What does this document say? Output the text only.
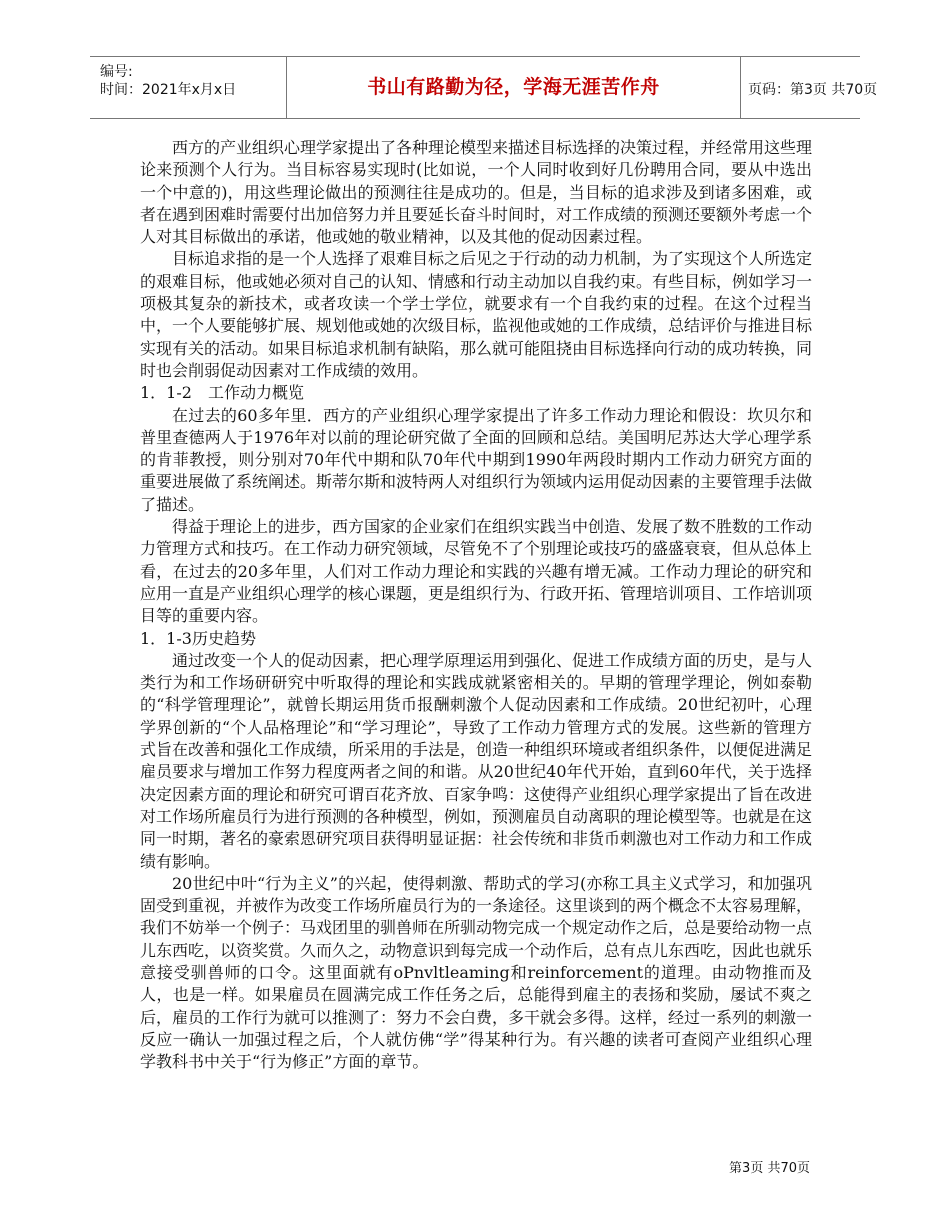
编号:
时间：2021年x月x日	书山有路勤为径，学海无涯苦作舟	页码：第3页 共70页

西方的产业组织心理学家提出了各种理论模型来描述目标选择的决策过程，并经常用这些理论来预测个人行为。当目标容易实现时(比如说，一个人同时收到好几份聘用合同，要从中选出一个中意的)，用这些理论做出的预测往往是成功的。但是，当目标的追求涉及到诸多困难，或者在遇到困难时需要付出加倍努力并且要延长奋斗时间时，对工作成绩的预测还要额外考虑一个人对其目标做出的承诺，他或她的敬业精神，以及其他的促动因素过程。

目标追求指的是一个人选择了艰难目标之后见之于行动的动力机制，为了实现这个人所选定的艰难目标，他或她必须对自己的认知、情感和行动主动加以自我约束。有些目标，例如学习一项极其复杂的新技术，或者攻读一个学士学位，就要求有一个自我约束的过程。在这个过程当中，一个人要能够扩展、规划他或她的次级目标，监视他或她的工作成绩，总结评价与推进目标实现有关的活动。如果目标追求机制有缺陷，那么就可能阻挠由目标选择向行动的成功转换，同时也会削弱促动因素对工作成绩的效用。

1．1-2　工作动力概览

在过去的60多年里．西方的产业组织心理学家提出了许多工作动力理论和假设：坎贝尔和普里查德两人于1976年对以前的理论研究做了全面的回顾和总结。美国明尼苏达大学心理学系的肯菲教授，则分别对70年代中期和队70年代中期到1990年两段时期内工作动力研究方面的重要进展做了系统阐述。斯蒂尔斯和波特两人对组织行为领域内运用促动因素的主要管理手法做了描述。

得益于理论上的进步，西方国家的企业家们在组织实践当中创造、发展了数不胜数的工作动力管理方式和技巧。在工作动力研究领域，尽管免不了个别理论或技巧的盛盛衰衰，但从总体上看，在过去的20多年里，人们对工作动力理论和实践的兴趣有增无减。工作动力理论的研究和应用一直是产业组织心理学的核心课题，更是组织行为、行政开拓、管理培训项目、工作培训项目等的重要内容。

1．1-3历史趋势

通过改变一个人的促动因素，把心理学原理运用到强化、促进工作成绩方面的历史，是与人类行为和工作场研研究中听取得的理论和实践成就紧密相关的。早期的管理学理论，例如泰勒的“科学管理理论”，就曾长期运用货币报酬刺激个人促动因素和工作成绩。20世纪初叶，心理学界创新的“个人品格理论”和“学习理论”，导致了工作动力管理方式的发展。这些新的管理方式旨在改善和强化工作成绩，所采用的手法是，创造一种组织环境或者组织条件，以便促进满足雇员要求与增加工作努力程度两者之间的和谐。从20世纪40年代开始，直到60年代，关于选择决定因素方面的理论和研究可谓百花齐放、百家争鸣：这使得产业组织心理学家提出了旨在改进对工作场所雇员行为进行预测的各种模型，例如，预测雇员自动离职的理论模型等。也就是在这同一时期，著名的豪索恩研究项目获得明显证据：社会传统和非货币刺激也对工作动力和工作成绩有影响。

20世纪中叶“行为主义”的兴起，使得刺激、帮助式的学习(亦称工具主义式学习，和加强巩固受到重视，并被作为改变工作场所雇员行为的一条途径。这里谈到的两个概念不太容易理解，我们不妨举一个例子：马戏团里的驯兽师在所驯动物完成一个规定动作之后，总是要给动物一点儿东西吃，以资奖赏。久而久之，动物意识到每完成一个动作后，总有点儿东西吃，因此也就乐意接受驯兽师的口令。这里面就有oPnvltleaming和reinforcement的道理。由动物推而及人，也是一样。如果雇员在圆满完成工作任务之后，总能得到雇主的表扬和奖励，屡试不爽之后，雇员的工作行为就可以推测了：努力不会白费，多干就会多得。这样，经过一系列的刺激一反应一确认一加强过程之后，个人就仿佛“学”得某种行为。有兴趣的读者可查阅产业组织心理学教科书中关于“行为修正”方面的章节。

第3页 共70页
